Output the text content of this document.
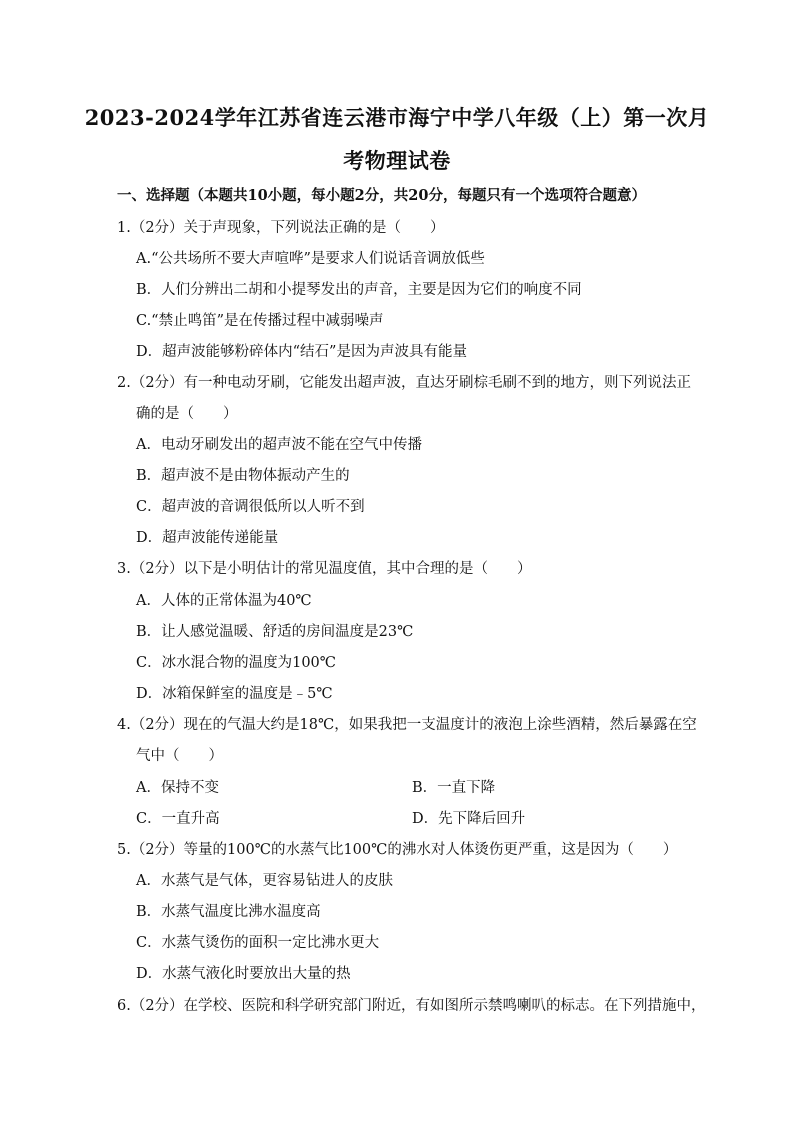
2023-2024学年江苏省连云港市海宁中学八年级（上）第一次月
考物理试卷
一、选择题（本题共10小题，每小题2分，共20分，每题只有一个选项符合题意）
1.（2分）关于声现象，下列说法正确的是（　　）
A.“公共场所不要大声喧哗”是要求人们说话音调放低些
B．人们分辨出二胡和小提琴发出的声音，主要是因为它们的响度不同
C.“禁止鸣笛”是在传播过程中减弱噪声
D．超声波能够粉碎体内“结石”是因为声波具有能量
2.（2分）有一种电动牙刷，它能发出超声波，直达牙刷棕毛刷不到的地方，则下列说法正
确的是（　　）
A．电动牙刷发出的超声波不能在空气中传播
B．超声波不是由物体振动产生的
C．超声波的音调很低所以人听不到
D．超声波能传递能量
3.（2分）以下是小明估计的常见温度值，其中合理的是（　　）
A．人体的正常体温为40℃
B．让人感觉温暖、舒适的房间温度是23℃
C．冰水混合物的温度为100℃
D．冰箱保鲜室的温度是﹣5℃
4.（2分）现在的气温大约是18℃，如果我把一支温度计的液泡上涂些酒精，然后暴露在空
气中（　　）
A．保持不变	B．一直下降
C．一直升高	D．先下降后回升
5.（2分）等量的100℃的水蒸气比100℃的沸水对人体烫伤更严重，这是因为（　　）
A．水蒸气是气体，更容易钻进人的皮肤
B．水蒸气温度比沸水温度高
C．水蒸气烫伤的面积一定比沸水更大
D．水蒸气液化时要放出大量的热
6.（2分）在学校、医院和科学研究部门附近，有如图所示禁鸣喇叭的标志。在下列措施中，
